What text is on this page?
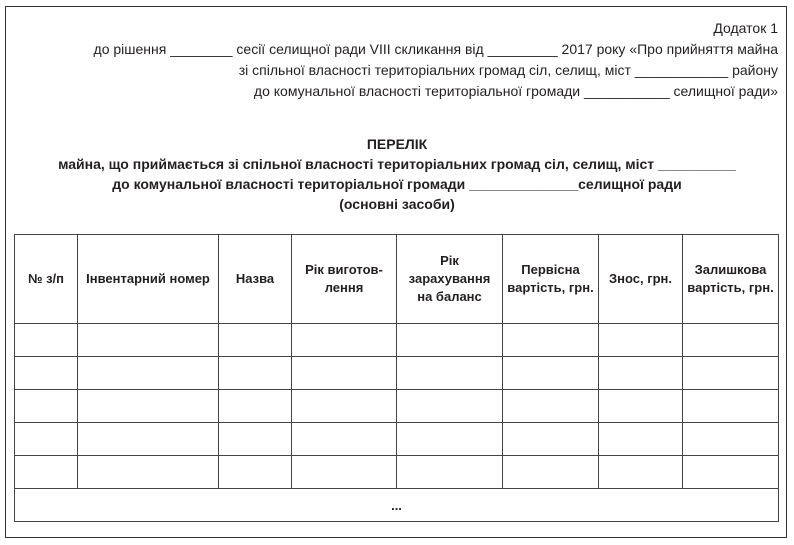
Додаток 1
до рішення ________ сесії селищної ради VIII скликання від _________ 2017 року «Про прийняття майна
зі спільної власності територіальних громад сіл, селищ, міст ____________ району
до комунальної власності територіальної громади ___________ селищної ради»
ПЕРЕЛІК
майна, що приймається зі спільної власності територіальних громад сіл, селищ, міст __________
до комунальної власності територіальної громади ______________селищної ради
(основні засоби)
№ з/п	Інвентарний номер	Назва	Рік виготов-лення	Рік зарахування на баланс	Первісна вартість, грн.	Знос, грн.	Залишкова вартість, грн.

...							
